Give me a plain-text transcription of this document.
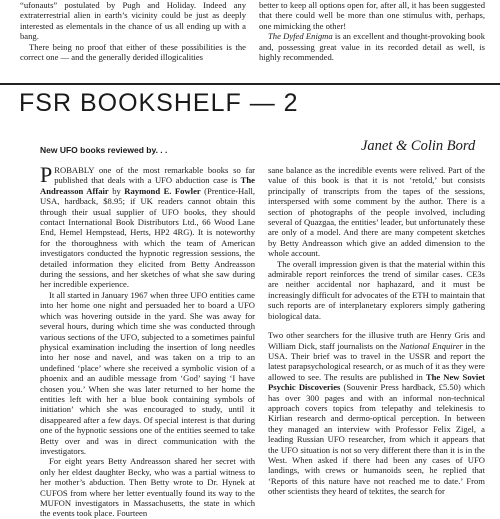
“ufonauts” postulated by Pugh and Holiday. Indeed any extraterrestrial alien in earth’s vicinity could be just as deeply interested as elementals in the chance of us all ending up with a bang.

There being no proof that either of these possibilities is the correct one — and the generally derided illogicalities

better to keep all options open for, after all, it has been suggested that there could well be more than one stimulus with, perhaps, one mimicking the other!

The Dyfed Enigma is an excellent and thought-provoking book and, possessing great value in its recorded detail as well, is highly recommended.

FSR BOOKSHELF — 2
New UFO books reviewed by. . .	Janet & Colin Bord

PROBABLY one of the most remarkable books so far published that deals with a UFO abduction case is The Andreasson Affair by Raymond E. Fowler (Prentice-Hall, USA, hardback, $8.95; if UK readers cannot obtain this through their usual supplier of UFO books, they should contact International Book Distributors Ltd., 66 Wood Lane End, Hemel Hempstead, Herts, HP2 4RG). It is noteworthy for the thoroughness with which the team of American investigators conducted the hypnotic regression sessions, the detailed information they elicited from Betty Andreasson during the sessions, and her sketches of what she saw during her incredible experience.

It all started in January 1967 when three UFO entities came into her home one night and persuaded her to board a UFO which was hovering outside in the yard. She was away for several hours, during which time she was conducted through various sections of the UFO, subjected to a sometimes painful physical examination including the insertion of long needles into her nose and navel, and was taken on a trip to an undefined ‘place’ where she received a symbolic vision of a phoenix and an audible message from ‘God’ saying ‘I have chosen you.’ When she was later returned to her home the entities left with her a blue book containing symbols of initiation’ which she was encouraged to study, until it disappeared after a few days. Of special interest is that during one of the hypnotic sessions one of the entities seemed to take Betty over and was in direct communication with the investigators.

For eight years Betty Andreasson shared her secret with only her eldest daughter Becky, who was a partial witness to her mother’s abduction. Then Betty wrote to Dr. Hynek at CUFOS from where her letter eventually found its way to the MUFON investigators in Massachusetts, the state in which the events took place. Fourteen

sane balance as the incredible events were relived. Part of the value of this book is that it is not ‘retold,’ but consists principally of transcripts from the tapes of the sessions, interspersed with some comment by the author. There is a section of photographs of the people involved, including several of Quazgaa, the entities’ leader, but unfortunately these are only of a model. And there are many competent sketches by Betty Andreasson which give an added dimension to the whole account.

The overall impression given is that the material within this admirable report reinforces the trend of similar cases. CE3s are neither accidental nor haphazard, and it must be increasingly difficult for advocates of the ETH to maintain that such reports are of interplanetary explorers simply gathering biological data.

Two other searchers for the illusive truth are Henry Gris and William Dick, staff journalists on the National Enquirer in the USA. Their brief was to travel in the USSR and report the latest parapsychological research, or as much of it as they were allowed to see. The results are published in The New Soviet Psychic Discoveries (Souvenir Press hardback, £5.50) which has over 300 pages and with an informal non-technical approach covers topics from telepathy and telekinesis to Kirlian research and dermo-optical perception. In between they managed an interview with Professor Felix Zigel, a leading Russian UFO researcher, from which it appears that the UFO situation is not so very different there than it is in the West. When asked if there had been any cases of UFO landings, with crews or humanoids seen, he replied that ‘Reports of this nature have not reached me to date.’ From other scientists they heard of tektites, the search for
